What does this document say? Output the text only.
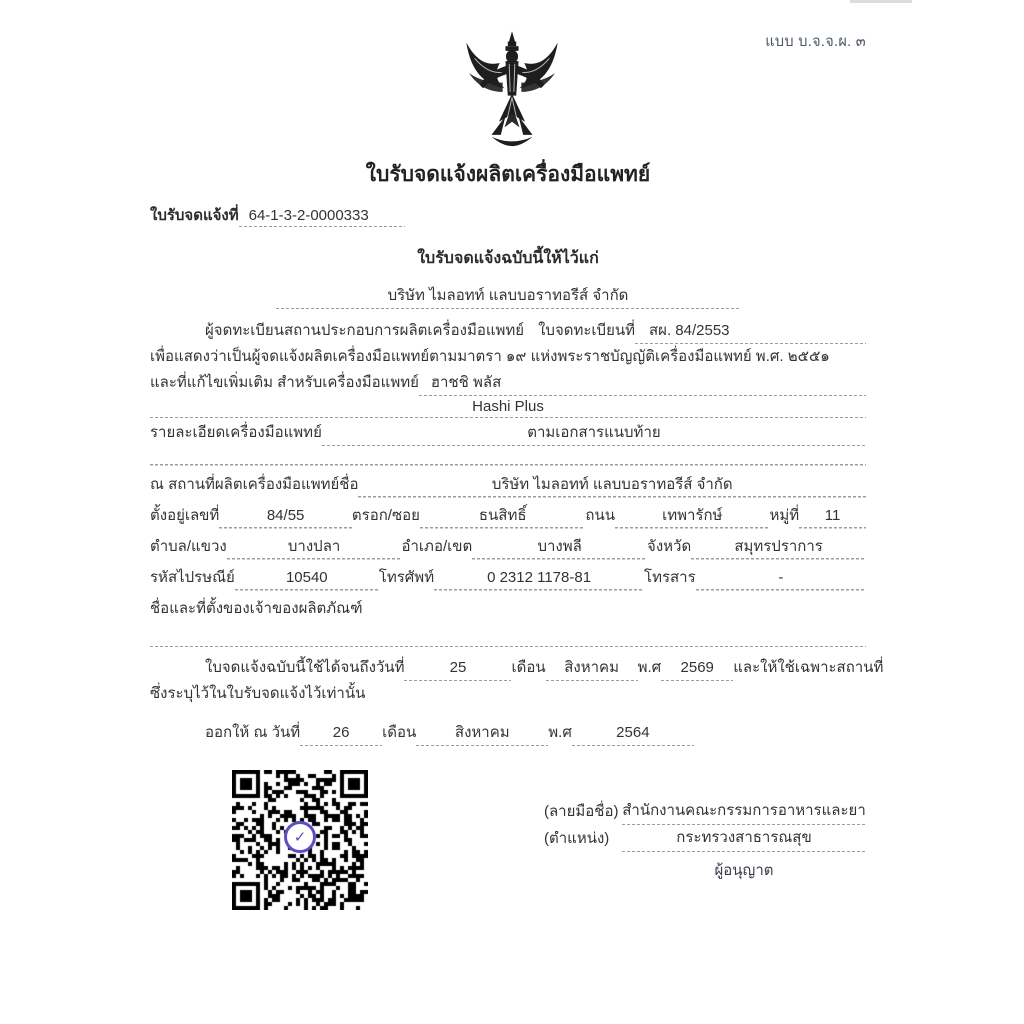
แบบ บ.จ.จ.ผ. ๓
ใบรับจดแจ้งผลิตเครื่องมือแพทย์
ใบรับจดแจ้งที่ 64-1-3-2-0000333
ใบรับจดแจ้งฉบับนี้ให้ไว้แก่
บริษัท ไมลอทท์ แลบบอราทอรีส์ จำกัด
ผู้จดทะเบียนสถานประกอบการผลิตเครื่องมือแพทย์ ใบจดทะเบียนที่ สผ. 84/2553
เพื่อแสดงว่าเป็นผู้จดแจ้งผลิตเครื่องมือแพทย์ตามมาตรา ๑๙ แห่งพระราชบัญญัติเครื่องมือแพทย์ พ.ศ. ๒๕๕๑
และที่แก้ไขเพิ่มเติม สำหรับเครื่องมือแพทย์ ฮาชชิ พลัส
Hashi Plus
รายละเอียดเครื่องมือแพทย์	ตามเอกสารแนบท้าย
ณ สถานที่ผลิตเครื่องมือแพทย์ชื่อ	บริษัท ไมลอทท์ แลบบอราทอรีส์ จำกัด
ตั้งอยู่เลขที่	84/55	ตรอก/ซอย	ธนสิทธิ์	ถนน	เทพารักษ์	หมู่ที่	11
ตำบล/แขวง	บางปลา	อำเภอ/เขต	บางพลี	จังหวัด	สมุทรปราการ
รหัสไปรษณีย์	10540	โทรศัพท์	0 2312 1178-81	โทรสาร	-
ชื่อและที่ตั้งของเจ้าของผลิตภัณฑ์
ใบจดแจ้งฉบับนี้ใช้ได้จนถึงวันที่	25	เดือน	สิงหาคม	พ.ศ	2569	และให้ใช้เฉพาะสถานที่
ซึ่งระบุไว้ในใบรับจดแจ้งไว้เท่านั้น
ออกให้ ณ วันที่	26	เดือน	สิงหาคม	พ.ศ	2564
✓
(ลายมือชื่อ) สำนักงานคณะกรรมการอาหารและยา
(ตำแหน่ง)	กระทรวงสาธารณสุข
ผู้อนุญาต
